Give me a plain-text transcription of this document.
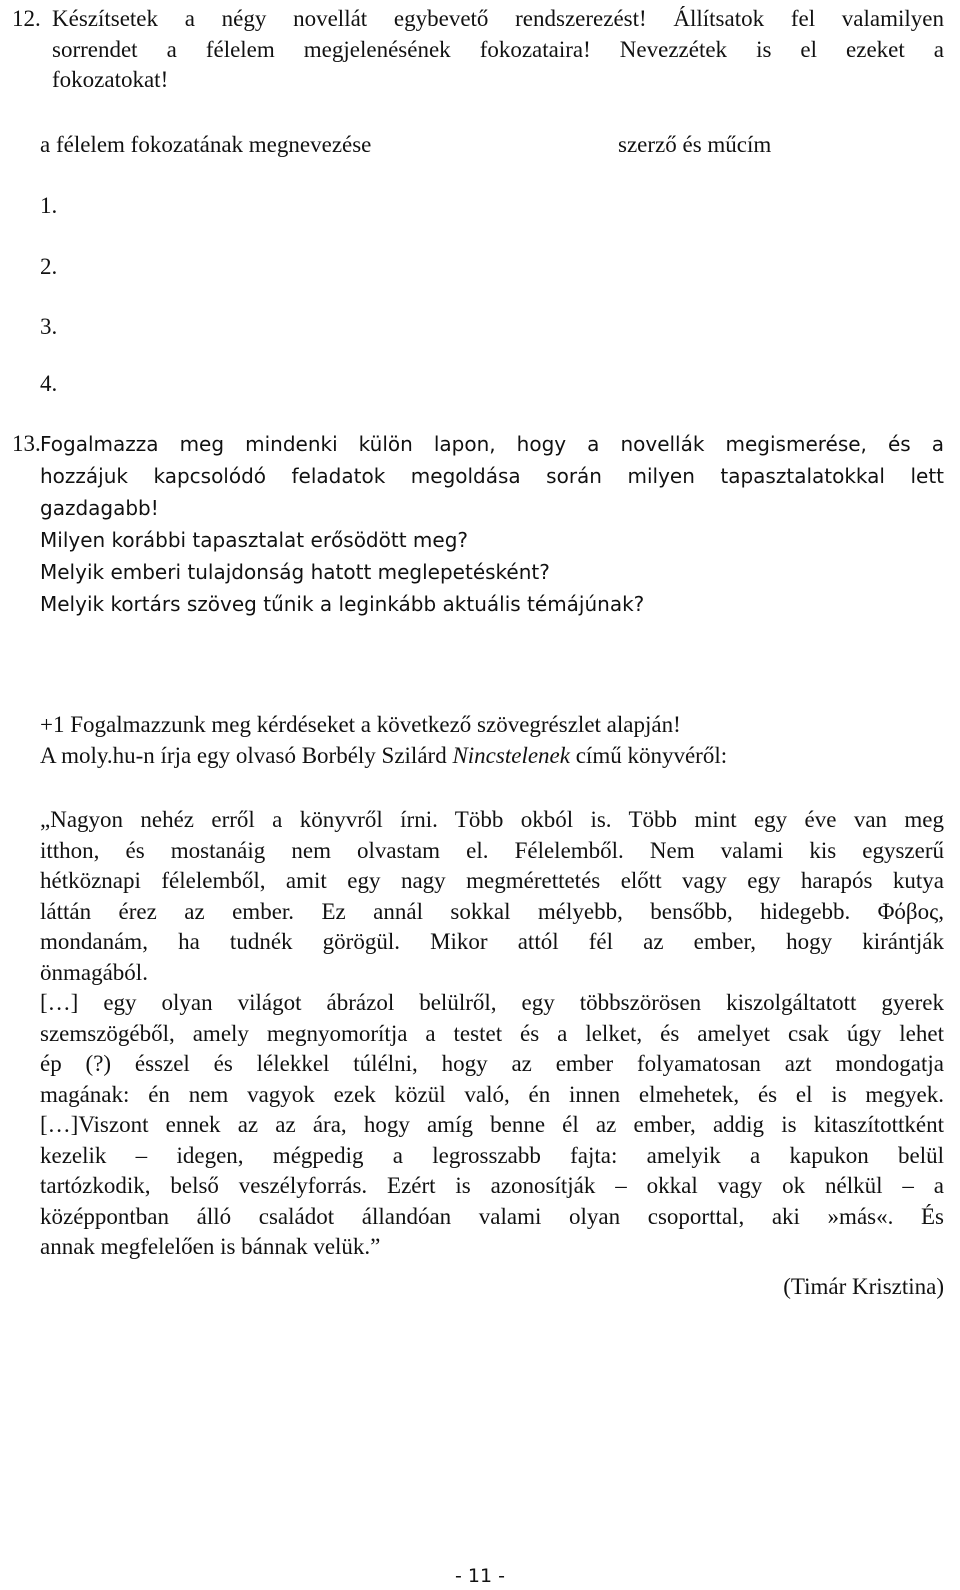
12. Készítsetek a négy novellát egybevető rendszerezést! Állítsatok fel valamilyen
sorrendet a félelem megjelenésének fokozataira! Nevezzétek is el ezeket a
fokozatokat!
a félelem fokozatának megnevezése	szerző és műcím
1.
2.
3.
4.
13.Fogalmazza meg mindenki külön lapon, hogy a novellák megismerése, és a
hozzájuk kapcsolódó feladatok megoldása során milyen tapasztalatokkal lett
gazdagabb!
Milyen korábbi tapasztalat erősödött meg?
Melyik emberi tulajdonság hatott meglepetésként?
Melyik kortárs szöveg tűnik a leginkább aktuális témájúnak?
+1 Fogalmazzunk meg kérdéseket a következő szövegrészlet alapján!
A moly.hu-n írja egy olvasó Borbély Szilárd Nincstelenek című könyvéről:
„Nagyon nehéz erről a könyvről írni. Több okból is. Több mint egy éve van meg
itthon, és mostanáig nem olvastam el. Félelemből. Nem valami kis egyszerű
hétköznapi félelemből, amit egy nagy megmérettetés előtt vagy egy harapós kutya
láttán érez az ember. Ez annál sokkal mélyebb, bensőbb, hidegebb. Φόβος,
mondanám, ha tudnék görögül. Mikor attól fél az ember, hogy kirántják
önmagából.
[…] egy olyan világot ábrázol belülről, egy többszörösen kiszolgáltatott gyerek
szemszögéből, amely megnyomorítja a testet és a lelket, és amelyet csak úgy lehet
ép (?) ésszel és lélekkel túlélni, hogy az ember folyamatosan azt mondogatja
magának: én nem vagyok ezek közül való, én innen elmehetek, és el is megyek.
[…]Viszont ennek az az ára, hogy amíg benne él az ember, addig is kitaszítottként
kezelik – idegen, mégpedig a legrosszabb fajta: amelyik a kapukon belül
tartózkodik, belső veszélyforrás. Ezért is azonosítják – okkal vagy ok nélkül – a
középpontban álló családot állandóan valami olyan csoporttal, aki »más«. És
annak megfelelően is bánnak velük.”
(Timár Krisztina)
- 11 -
